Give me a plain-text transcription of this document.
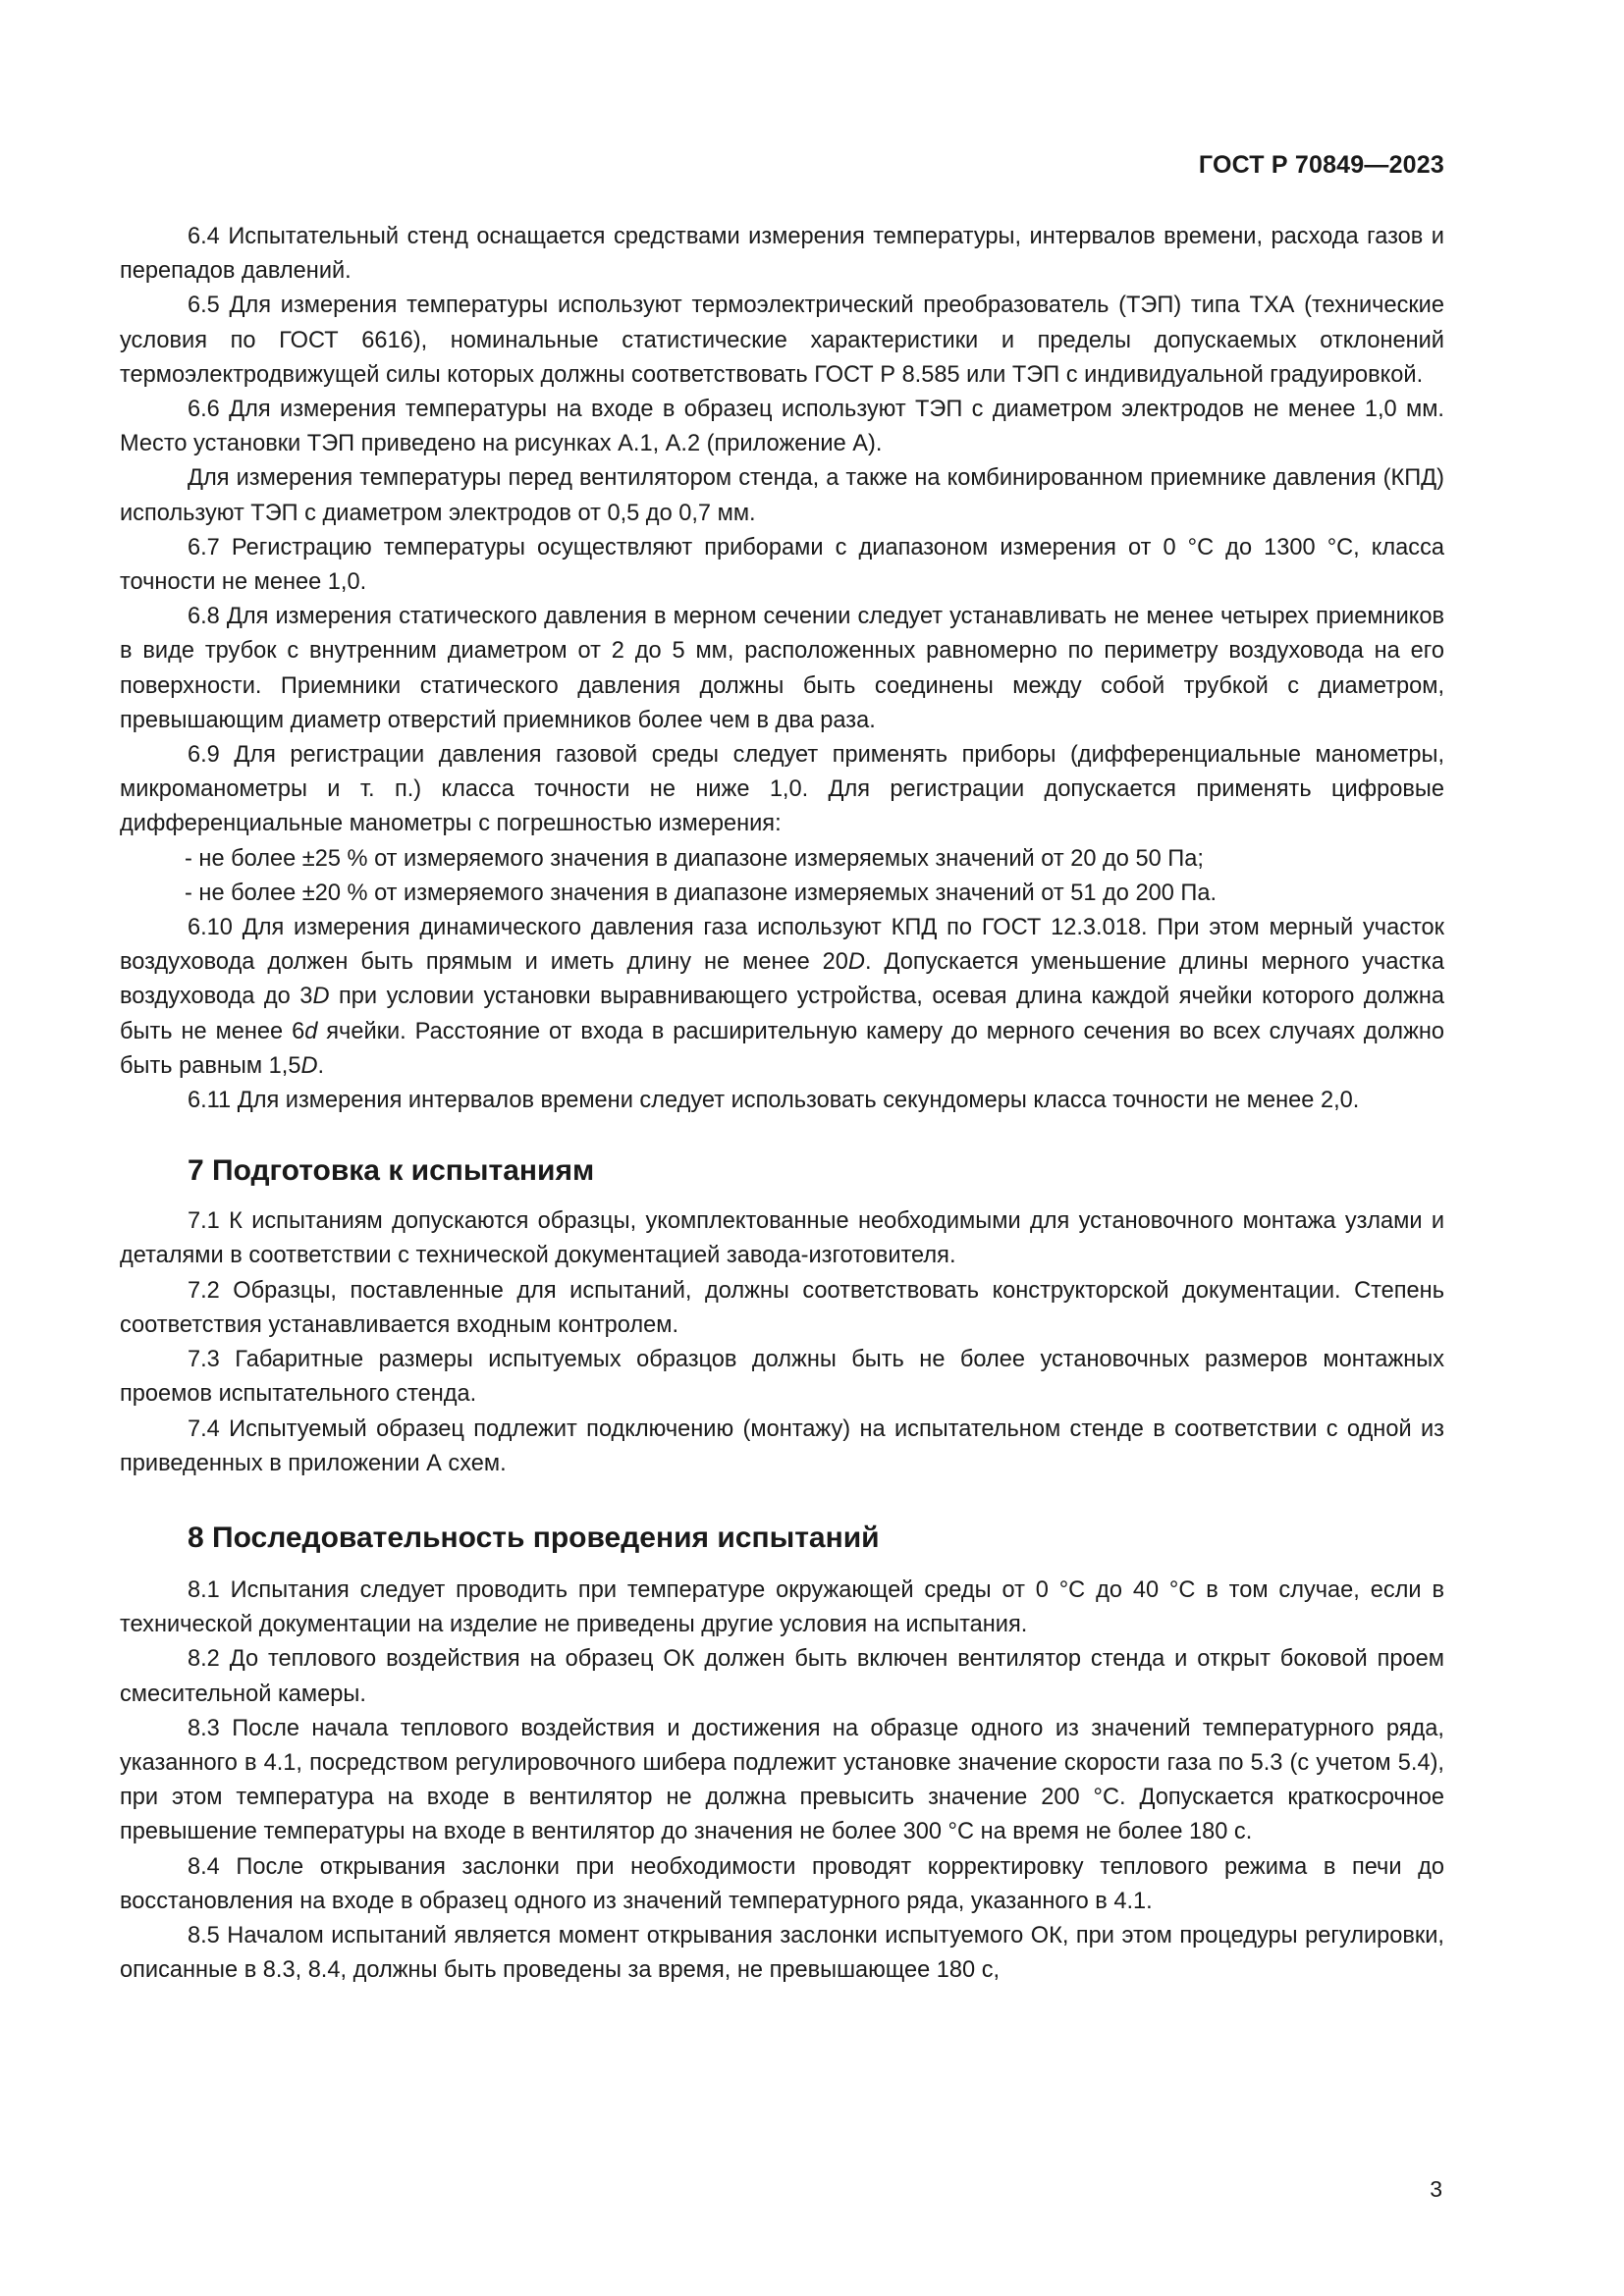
ГОСТ Р 70849—2023

6.4 Испытательный стенд оснащается средствами измерения температуры, интервалов времени, расхода газов и перепадов давлений.

6.5 Для измерения температуры используют термоэлектрический преобразователь (ТЭП) типа ТХА (технические условия по ГОСТ 6616), номинальные статистические характеристики и пределы допускаемых отклонений термоэлектродвижущей силы которых должны соответствовать ГОСТ Р 8.585 или ТЭП с индивидуальной градуировкой.

6.6 Для измерения температуры на входе в образец используют ТЭП с диаметром электродов не менее 1,0 мм. Место установки ТЭП приведено на рисунках А.1, А.2 (приложение А).

Для измерения температуры перед вентилятором стенда, а также на комбинированном приемнике давления (КПД) используют ТЭП с диаметром электродов от 0,5 до 0,7 мм.

6.7 Регистрацию температуры осуществляют приборами с диапазоном измерения от 0 °С до 1300 °С, класса точности не менее 1,0.

6.8 Для измерения статического давления в мерном сечении следует устанавливать не менее четырех приемников в виде трубок с внутренним диаметром от 2 до 5 мм, расположенных равномерно по периметру воздуховода на его поверхности. Приемники статического давления должны быть соединены между собой трубкой с диаметром, превышающим диаметр отверстий приемников более чем в два раза.

6.9 Для регистрации давления газовой среды следует применять приборы (дифференциальные манометры, микроманометры и т. п.) класса точности не ниже 1,0. Для регистрации допускается применять цифровые дифференциальные манометры с погрешностью измерения:

- не более ±25 % от измеряемого значения в диапазоне измеряемых значений от 20 до 50 Па;

- не более ±20 % от измеряемого значения в диапазоне измеряемых значений от 51 до 200 Па.

6.10 Для измерения динамического давления газа используют КПД по ГОСТ 12.3.018. При этом мерный участок воздуховода должен быть прямым и иметь длину не менее 20D. Допускается уменьшение длины мерного участка воздуховода до 3D при условии установки выравнивающего устройства, осевая длина каждой ячейки которого должна быть не менее 6d ячейки. Расстояние от входа в расширительную камеру до мерного сечения во всех случаях должно быть равным 1,5D.

6.11 Для измерения интервалов времени следует использовать секундомеры класса точности не менее 2,0.

7 Подготовка к испытаниям

7.1 К испытаниям допускаются образцы, укомплектованные необходимыми для установочного монтажа узлами и деталями в соответствии с технической документацией завода-изготовителя.

7.2 Образцы, поставленные для испытаний, должны соответствовать конструкторской документации. Степень соответствия устанавливается входным контролем.

7.3 Габаритные размеры испытуемых образцов должны быть не более установочных размеров монтажных проемов испытательного стенда.

7.4 Испытуемый образец подлежит подключению (монтажу) на испытательном стенде в соответствии с одной из приведенных в приложении А схем.

8 Последовательность проведения испытаний

8.1 Испытания следует проводить при температуре окружающей среды от 0 °С до 40 °С в том случае, если в технической документации на изделие не приведены другие условия на испытания.

8.2 До теплового воздействия на образец ОК должен быть включен вентилятор стенда и открыт боковой проем смесительной камеры.

8.3 После начала теплового воздействия и достижения на образце одного из значений температурного ряда, указанного в 4.1, посредством регулировочного шибера подлежит установке значение скорости газа по 5.3 (с учетом 5.4), при этом температура на входе в вентилятор не должна превысить значение 200 °С. Допускается краткосрочное превышение температуры на входе в вентилятор до значения не более 300 °С на время не более 180 с.

8.4 После открывания заслонки при необходимости проводят корректировку теплового режима в печи до восстановления на входе в образец одного из значений температурного ряда, указанного в 4.1.

8.5 Началом испытаний является момент открывания заслонки испытуемого ОК, при этом процедуры регулировки, описанные в 8.3, 8.4, должны быть проведены за время, не превышающее 180 с,

3
